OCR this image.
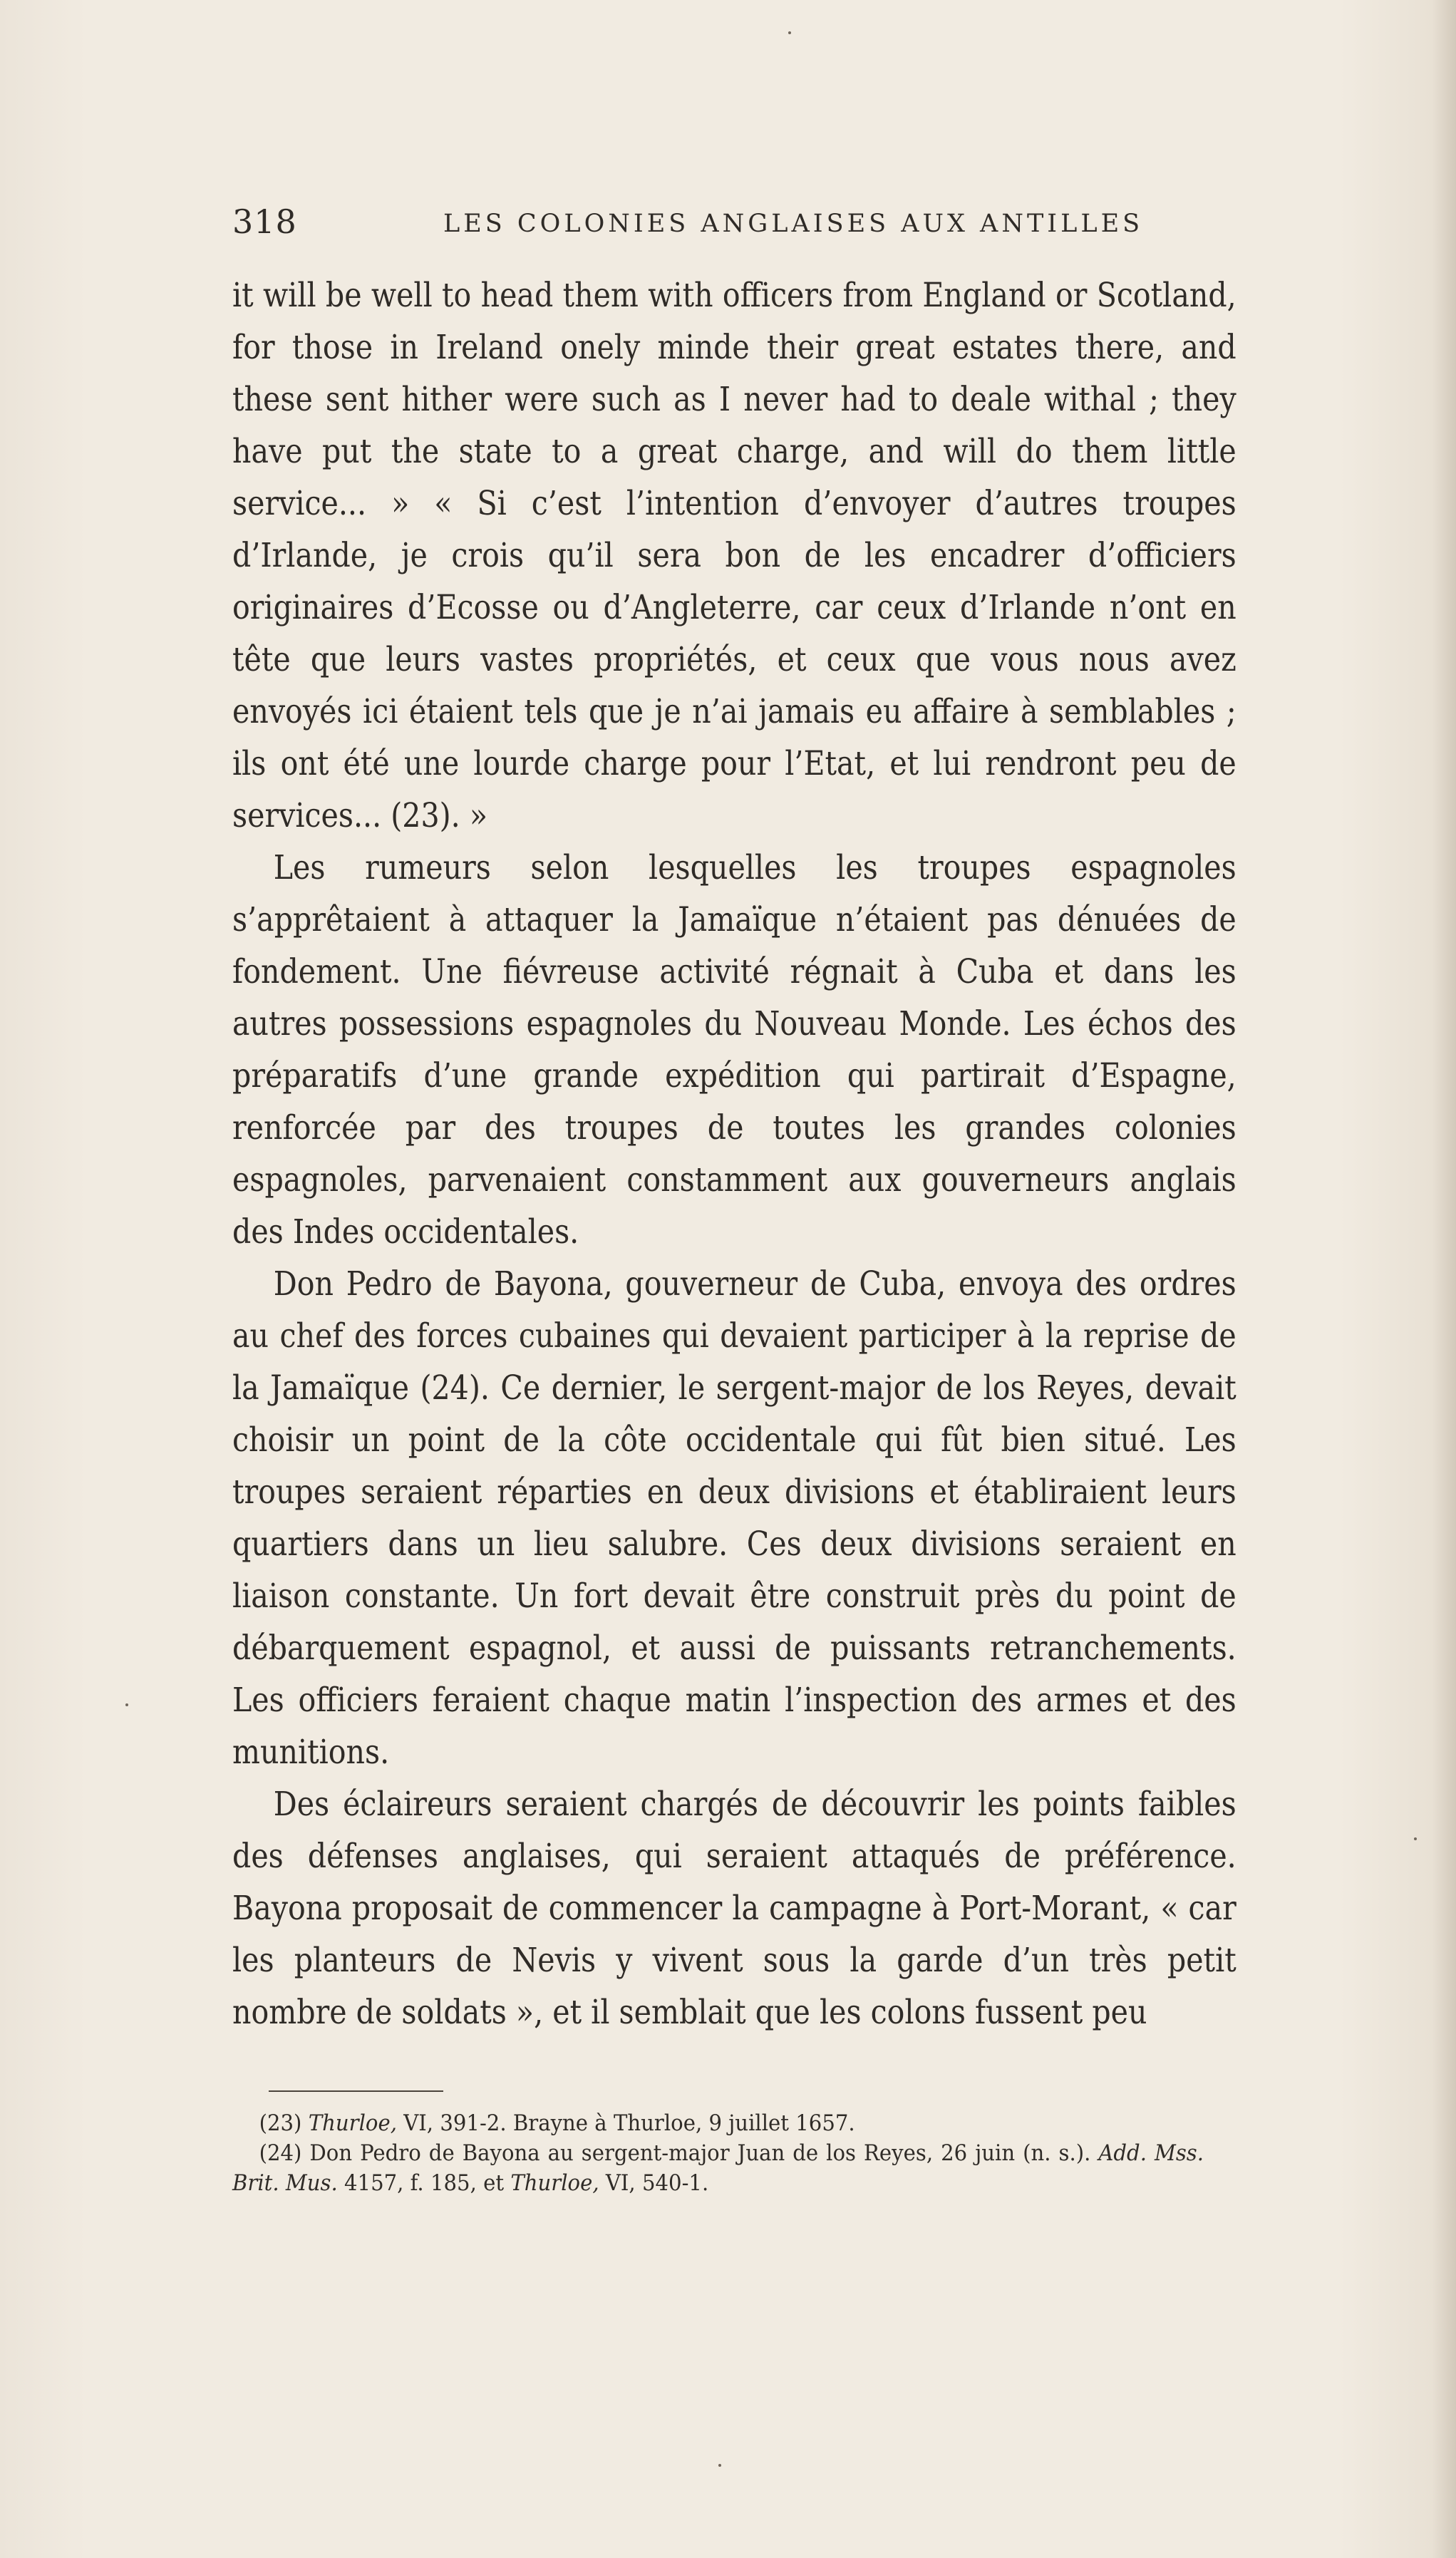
318	LES COLONIES ANGLAISES AUX ANTILLES

it will be well to head them with officers from England or Scotland, for those in Ireland onely minde their great estates there, and these sent hither were such as I never had to deale withal ; they have put the state to a great charge, and will do them little service... » « Si c’est l’intention d’envoyer d’autres troupes d’Irlande, je crois qu’il sera bon de les encadrer d’officiers originaires d’Ecosse ou d’Angleterre, car ceux d’Irlande n’ont en tête que leurs vastes propriétés, et ceux que vous nous avez envoyés ici étaient tels que je n’ai jamais eu affaire à semblables ; ils ont été une lourde charge pour l’Etat, et lui rendront peu de services... (23). »

Les rumeurs selon lesquelles les troupes espagnoles s’apprêtaient à attaquer la Jamaïque n’étaient pas dénuées de fondement. Une fiévreuse activité régnait à Cuba et dans les autres possessions espagnoles du Nouveau Monde. Les échos des préparatifs d’une grande expédition qui partirait d’Espagne, renforcée par des troupes de toutes les grandes colonies espagnoles, parvenaient constamment aux gouverneurs anglais des Indes occidentales.

Don Pedro de Bayona, gouverneur de Cuba, envoya des ordres au chef des forces cubaines qui devaient participer à la reprise de la Jamaïque (24). Ce dernier, le sergent-major de los Reyes, devait choisir un point de la côte occidentale qui fût bien situé. Les troupes seraient réparties en deux divisions et établiraient leurs quartiers dans un lieu salubre. Ces deux divisions seraient en liaison constante. Un fort devait être construit près du point de débarquement espagnol, et aussi de puissants retranchements. Les officiers feraient chaque matin l’inspection des armes et des munitions.

Des éclaireurs seraient chargés de découvrir les points faibles des défenses anglaises, qui seraient attaqués de préférence. Bayona proposait de commencer la campagne à Port-Morant, « car les planteurs de Nevis y vivent sous la garde d’un très petit nombre de soldats », et il semblait que les colons fussent peu

(23) Thurloe, VI, 391-2. Brayne à Thurloe, 9 juillet 1657.

(24) Don Pedro de Bayona au sergent-major Juan de los Reyes, 26 juin (n. s.). Add. Mss. Brit. Mus. 4157, f. 185, et Thurloe, VI, 540-1.
